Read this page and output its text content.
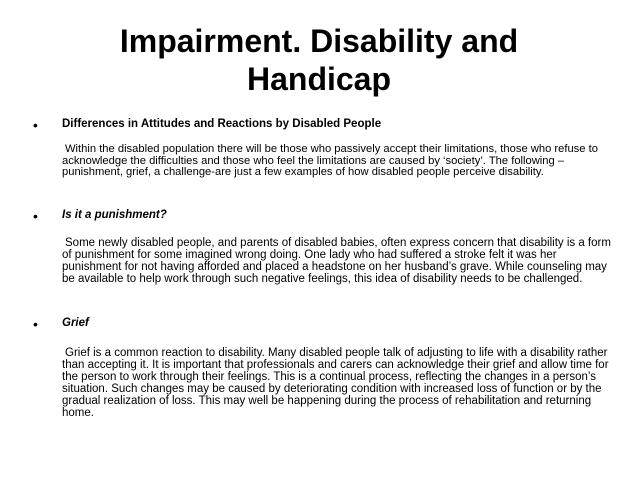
Impairment. Disability and
Handicap
• Differences in Attitudes and Reactions by Disabled People

Within the disabled population there will be those who passively accept their limitations, those who refuse to acknowledge the difficulties and those who feel the limitations are caused by ‘society’. The following –punishment, grief, a challenge-are just a few examples of how disabled people perceive disability.

• Is it a punishment?

Some newly disabled people, and parents of disabled babies, often express concern that disability is a form of punishment for some imagined wrong doing. One lady who had suffered a stroke felt it was her punishment for not having afforded and placed a headstone on her husband’s grave. While counseling may be available to help work through such negative feelings, this idea of disability needs to be challenged.

• Grief

Grief is a common reaction to disability. Many disabled people talk of adjusting to life with a disability rather than accepting it. It is important that professionals and carers can acknowledge their grief and allow time for the person to work through their feelings. This is a continual process, reflecting the changes in a person’s situation. Such changes may be caused by deteriorating condition with increased loss of function or by the gradual realization of loss. This may well be happening during the process of rehabilitation and returning home.
